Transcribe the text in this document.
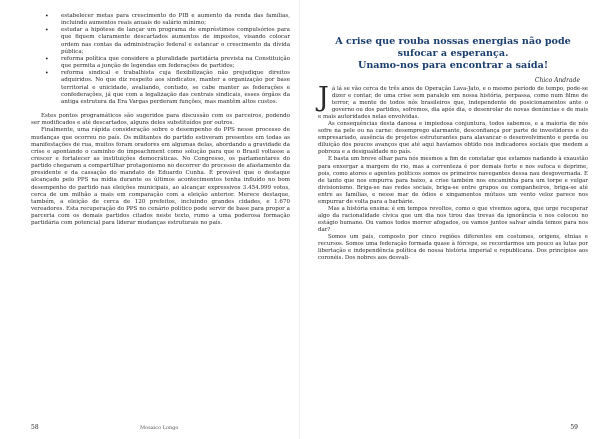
• estabelecer metas para crescimento do PIB e aumento da renda das famílias, incluindo aumentos reais anuais do salário mínimo;
• estudar a hipótese de lançar um programa de empréstimos compulsórios para que fiquem claramente descartados aumentos de impostos, visando colocar ordem nas contas da administração federal e estancar o crescimento da dívida pública;
• reforma política que considere a pluralidade partidária prevista na Constituição que permita a junção de legendas em federações de partidos;
• reforma sindical e trabalhista cuja flexibilização não prejudique direitos adquiridos. No que diz respeito aos sindicatos, manter a organização por base territorial e unicidade, avaliando, contudo, se cabe manter as federações e confederações, já que com a legalização das centrais sindicais, esses órgãos da antiga estrutura da Era Vargas perderam funções, mas mantêm altos custos.

Estes pontos programáticos são sugeridos para discussão com os parceiros, podendo ser modificados e até descartados, alguns deles substituídos por outros.

Finalmente, uma rápida consideração sobre o desempenho do PPS nesse processo de mudanças que ocorreu no país. Os militantes do partido estiveram presentes em todas as manifestações de rua, muitos foram oradores em algumas delas, abordando a gravidade da crise e apontando o caminho do impeachment como solução para que o Brasil voltasse a crescer e fortalecer as instituições democráticas. No Congresso, os parlamentares do partido chegaram a compartilhar protagonismo no decorrer do processo de afastamento da presidente e da cassação do mandato de Eduardo Cunha. É provável que o destaque alcançado pelo PPS na mídia durante os últimos acontecimentos tenha influído no bom desempenho do partido nas eleições municipais, ao alcançar expressivos 3.454.999 votos, cerca de um milhão a mais em comparação com a eleição anterior. Merece destaque, também, a eleição de cerca de 120 prefeitos, incluindo grandes cidades, e 1.670 vereadores. Esta recuperação do PPS no cenário político pode servir de base para propor a parceria com os demais partidos citados neste texto, rumo a uma poderosa formação partidária com potencial para liderar mudanças estruturais no país.

A crise que rouba nossas energias não pode sufocar a esperança.

Unamo-nos para encontrar a saída!

Chico Andrade

J á lá se vão cerca de três anos de Operação Lava-Jato, e o mesmo período de tempo, pode-se dizer e contar, de uma crise sem paralelo em nossa história, perpassa, como num filme de terror, a mente de todos nós brasileiros que, independente de posicionamentos ante o governo ou dos partidos, sofremos, dia após dia, o desenrolar de novas denúncias e de mais e mais autoridades nelas envolvidas.

As consequências desta danosa e impiedosa conjuntura, todos sabemos, e a maioria de nós sofre na pele ou na carne: desemprego alarmante, desconfiança por parte de investidores e do empresariado, ausência de projetos estruturantes para alavancar o desenvolvimento e perda ou diluição dos poucos avanços que até aqui havíamos obtido nos indicadores sociais que medem a pobreza e a desigualdade no país.

E basta um breve olhar para nós mesmos a fim de constatar que estamos nadando à exaustão para enxergar a margem do rio, mas a correnteza é por demais forte e nos sufoca e deprime, pois, como atores e agentes políticos somos os primeiros navegantes dessa nau desgovernada. E de tanto que nos empurra para baixo, a crise também nos encaminha para um torpe e vulgar divisionismo. Briga-se nas redes sociais, briga-se entre grupos ou companheiros, briga-se até entre as famílias, e nesse mar de ódios e xingamentos mútuos um vento veloz parece nos empurrar de volta para a barbárie.

Mas a história ensina: é em tempos revoltos, como o que vivemos agora, que urge recuperar algo da racionalidade cívica que um dia nos tirou das trevas da ignorância e nos colocou no estágio humano. Ou vamos todos morrer afogados, ou vamos juntos salvar ainda temos para nos dar?

Somos um país, composto por cinco regiões diferentes em costumes, origens, etnias e recursos. Somos uma federação formada quase à fórceps, se recordarmos um pouco as lutas por libertação e independência política de nossa história imperial e republicana. Dos princípios aos coronéis. Dos nobres aos desvali-

58	Mosaico Longo	59
